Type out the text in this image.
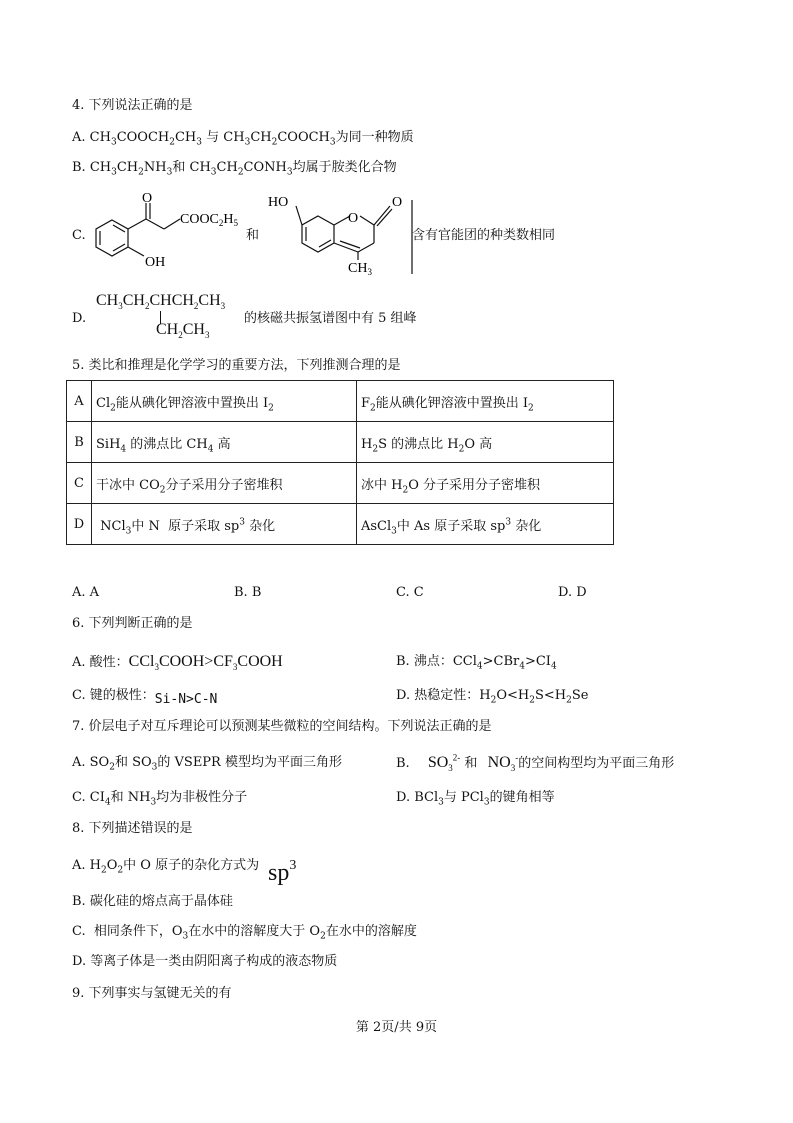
4. 下列说法正确的是
A. $CH_3COOCH_2CH_3$ 与 $CH_3CH_2COOCH_3$为同一种物质
B. $CH_3CH_2NH_3$和 $CH_3CH_2CONH_3$均属于胺类化合物
C.
O
$COOC_2H_5$
OH
和
HO
O
O
$CH_3$
含有官能团的种类数相同
D.
$CH_3CH_2CHCH_2CH_3$
$CH_2CH_3$
的核磁共振氢谱图中有 5 组峰
5. 类比和推理是化学学习的重要方法，下列推测合理的是
A	$Cl_2$能从碘化钾溶液中置换出 $I_2$	$F_2$能从碘化钾溶液中置换出 $I_2$
B	SiH$_4$ 的沸点比 $CH_4$ 高	$H_2S$ 的沸点比 $H_2O$ 高
C	干冰中 $CO_2$分子采用分子密堆积	冰中 $H_2O$ 分子采用分子密堆积
D	NCl$_3$中 N  原子采取 $sp^3$ 杂化	AsCl$_3$中 As 原子采取 $sp^3$ 杂化
A. A	B. B	C. C	D. D
6. 下列判断正确的是
A. 酸性：$CCl_3COOH>CF_3COOH$	B. 沸点：$CCl_4>CBr_4>CI_4$
C. 键的极性：Si-N>C-N	D. 热稳定性：$H_2O<H_2S<H_2Se$
7. 价层电子对互斥理论可以预测某些微粒的空间结构。下列说法正确的是
A. $SO_2$和 $SO_3$的 VSEPR 模型均为平面三角形	B. $SO_3^{2-}$ 和 $NO_3^-$的空间构型均为平面三角形
C. $CI_4$和 $NH_3$均为非极性分子	D. BCl$_3$与 PCl$_3$的键角相等
8. 下列描述错误的是
A. $H_2O_2$中 O 原子的杂化方式为 $sp^3$
B. 碳化硅的熔点高于晶体硅
C.  相同条件下，$O_3$在水中的溶解度大于 $O_2$在水中的溶解度
D. 等离子体是一类由阴阳离子构成的液态物质
9. 下列事实与氢键无关的有
第 2页/共 9页
